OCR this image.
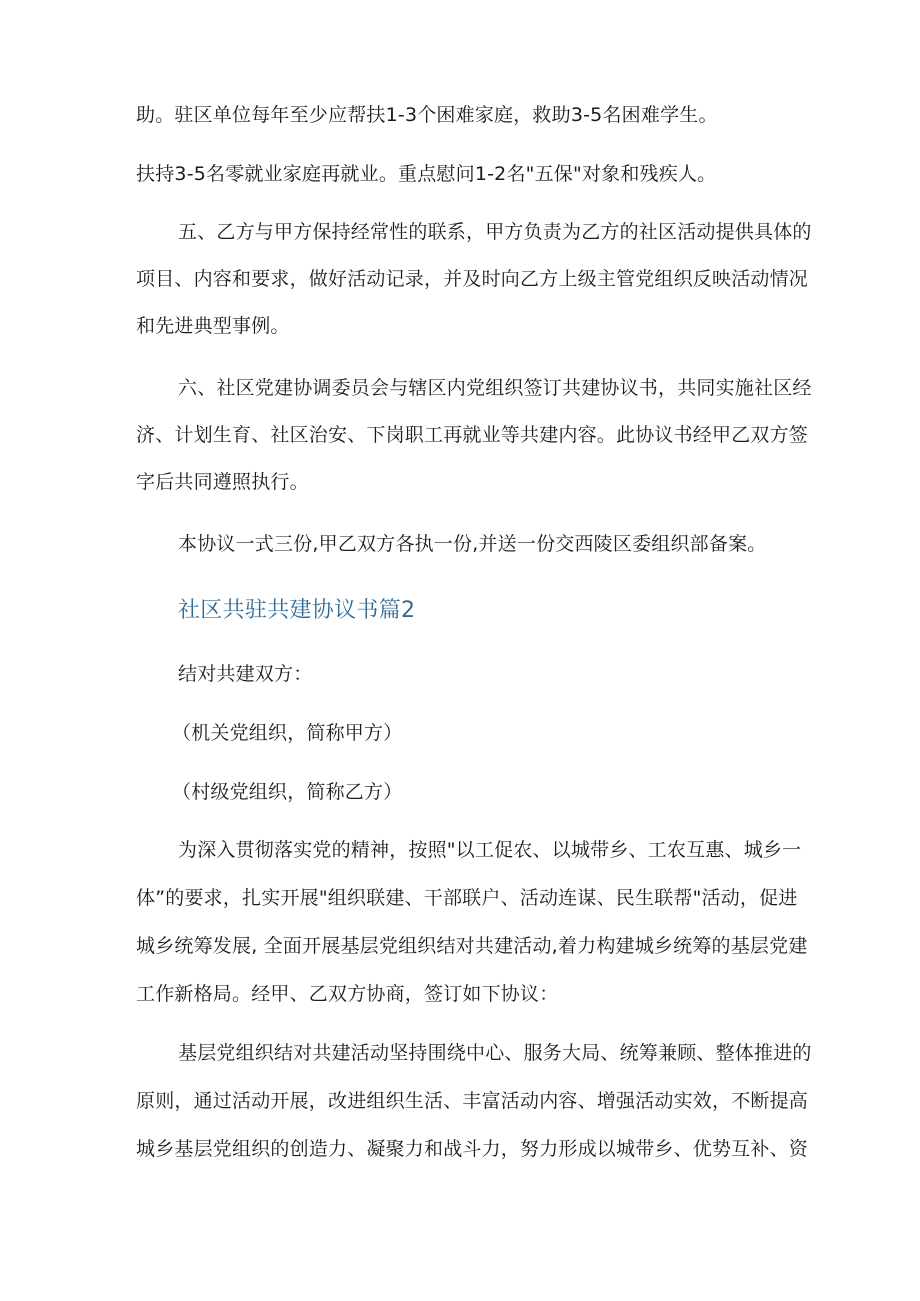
助。驻区单位每年至少应帮扶1-3个困难家庭，救助3-5名困难学生。
扶持3-5名零就业家庭再就业。重点慰问1-2名"五保"对象和残疾人。
五、乙方与甲方保持经常性的联系，甲方负责为乙方的社区活动提供具体的
项目、内容和要求，做好活动记录，并及时向乙方上级主管党组织反映活动情况
和先进典型事例。
六、社区党建协调委员会与辖区内党组织签订共建协议书，共同实施社区经
济、计划生育、社区治安、下岗职工再就业等共建内容。此协议书经甲乙双方签
字后共同遵照执行。
本协议一式三份,甲乙双方各执一份,并送一份交西陵区委组织部备案。
社区共驻共建协议书篇2
结对共建双方：
（机关党组织，简称甲方）
（村级党组织，简称乙方）
为深入贯彻落实党的精神，按照"以工促农、以城带乡、工农互惠、城乡一
体”的要求，扎实开展"组织联建、干部联户、活动连谋、民生联帮"活动，促进
城乡统筹发展, 全面开展基层党组织结对共建活动,着力构建城乡统筹的基层党建
工作新格局。经甲、乙双方协商，签订如下协议：
基层党组织结对共建活动坚持围绕中心、服务大局、统筹兼顾、整体推进的
原则，通过活动开展，改进组织生活、丰富活动内容、增强活动实效，不断提高
城乡基层党组织的创造力、凝聚力和战斗力，努力形成以城带乡、优势互补、资
